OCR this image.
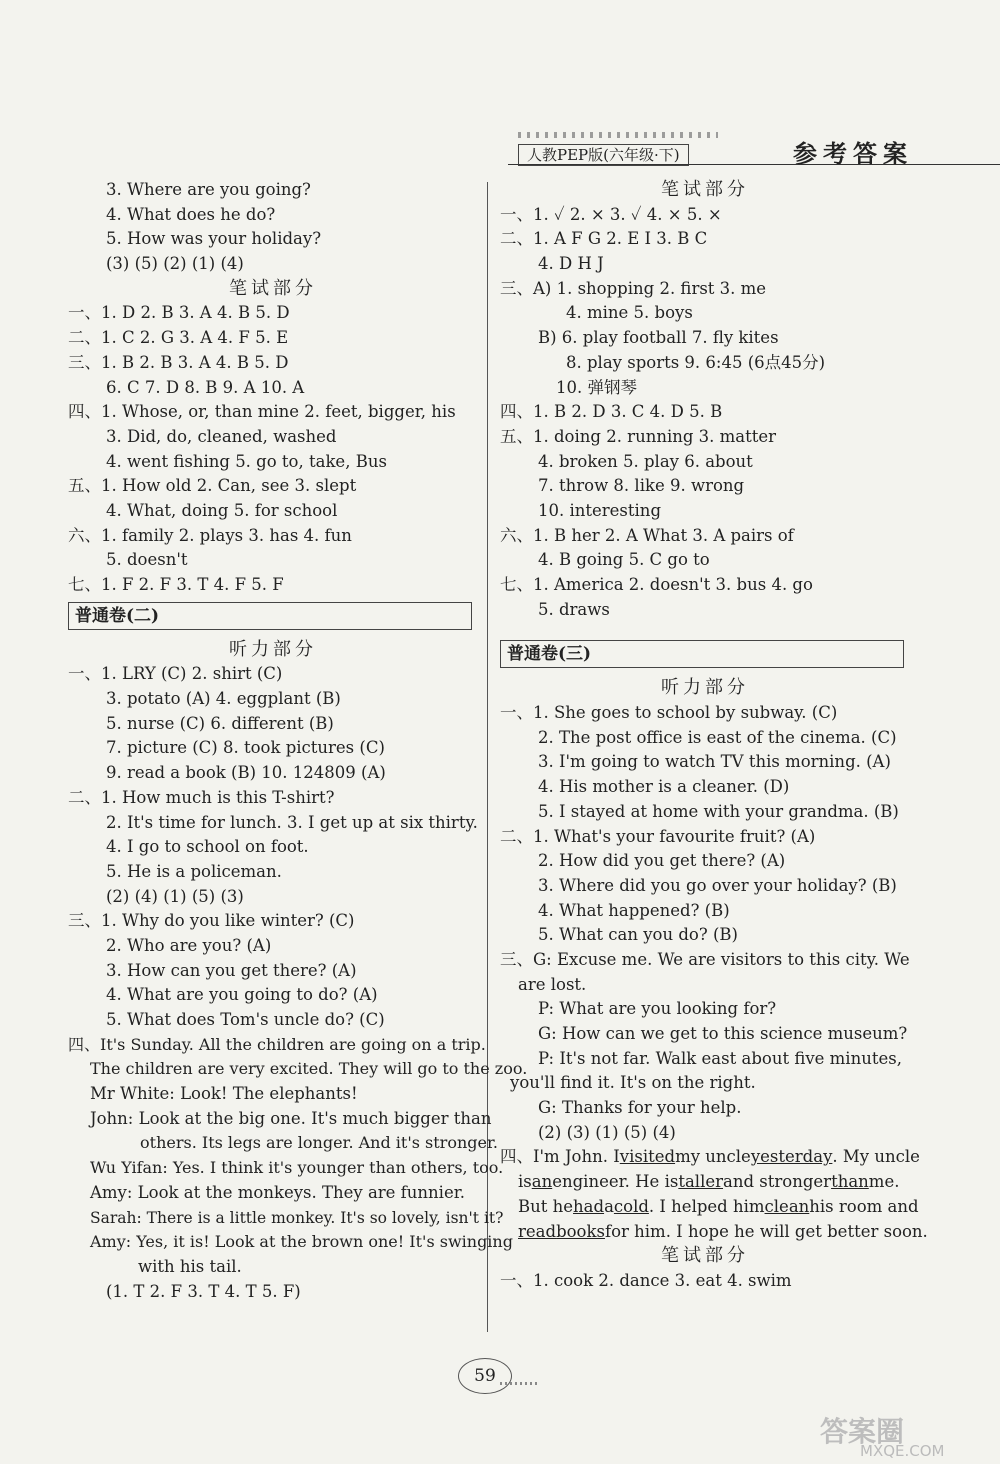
人教PEP版(六年级·下)	参考答案
3. Where are you going?
4. What does he do?
5. How was your holiday?
(3) (5) (2) (1) (4)
笔试部分
一、1. D 2. B 3. A 4. B 5. D
二、1. C 2. G 3. A 4. F 5. E
三、1. B 2. B 3. A 4. B 5. D
6. C 7. D 8. B 9. A 10. A
四、1. Whose, or, than mine 2. feet, bigger, his
3. Did, do, cleaned, washed
4. went fishing 5. go to, take, Bus
五、1. How old 2. Can, see 3. slept
4. What, doing 5. for school
六、1. family 2. plays 3. has 4. fun
5. doesn't
七、1. F 2. F 3. T 4. F 5. F
普通卷(二)
听力部分
一、1. LRY (C) 2. shirt (C)
3. potato (A) 4. eggplant (B)
5. nurse (C) 6. different (B)
7. picture (C) 8. took pictures (C)
9. read a book (B) 10. 124809 (A)
二、1. How much is this T-shirt?
2. It's time for lunch. 3. I get up at six thirty.
4. I go to school on foot.
5. He is a policeman.
(2) (4) (1) (5) (3)
三、1. Why do you like winter? (C)
2. Who are you? (A)
3. How can you get there? (A)
4. What are you going to do? (A)
5. What does Tom's uncle do? (C)
四、It's Sunday. All the children are going on a trip.
The children are very excited. They will go to the zoo.
Mr White: Look! The elephants!
John: Look at the big one. It's much bigger than
others. Its legs are longer. And it's stronger.
Wu Yifan: Yes. I think it's younger than others, too.
Amy: Look at the monkeys. They are funnier.
Sarah: There is a little monkey. It's so lovely, isn't it?
Amy: Yes, it is! Look at the brown one! It's swinging
with his tail.
(1. T 2. F 3. T 4. T 5. F)
笔试部分
一、1. ✓ 2. × 3. ✓ 4. × 5. ×
二、1. A F G 2. E I 3. B C
4. D H J
三、A) 1. shopping 2. first 3. me
4. mine 5. boys
B) 6. play football 7. fly kites
8. play sports 9. 6:45 (6点45分)
10. 弹钢琴
四、1. B 2. D 3. C 4. D 5. B
五、1. doing 2. running 3. matter
4. broken 5. play 6. about
7. throw 8. like 9. wrong
10. interesting
六、1. B her 2. A What 3. A pairs of
4. B going 5. C go to
七、1. America 2. doesn't 3. bus 4. go
5. draws
普通卷(三)
听力部分
一、1. She goes to school by subway. (C)
2. The post office is east of the cinema. (C)
3. I'm going to watch TV this morning. (A)
4. His mother is a cleaner. (D)
5. I stayed at home with your grandma. (B)
二、1. What's your favourite fruit? (A)
2. How did you get there? (A)
3. Where did you go over your holiday? (B)
4. What happened? (B)
5. What can you do? (B)
三、G: Excuse me. We are visitors to this city. We
are lost.
P: What are you looking for?
G: How can we get to this science museum?
P: It's not far. Walk east about five minutes,
you'll find it. It's on the right.
G: Thanks for your help.
(2) (3) (1) (5) (4)
四、I'm John. Ivisitedmy uncleyesterday. My uncle
isanengineer. He istallerand strongerthanme.
But hehadacold. I helped himcleanhis room and
readbooksfor him. I hope he will get better soon.
笔试部分
一、1. cook 2. dance 3. eat 4. swim
59
答案圈
MXQE.COM
